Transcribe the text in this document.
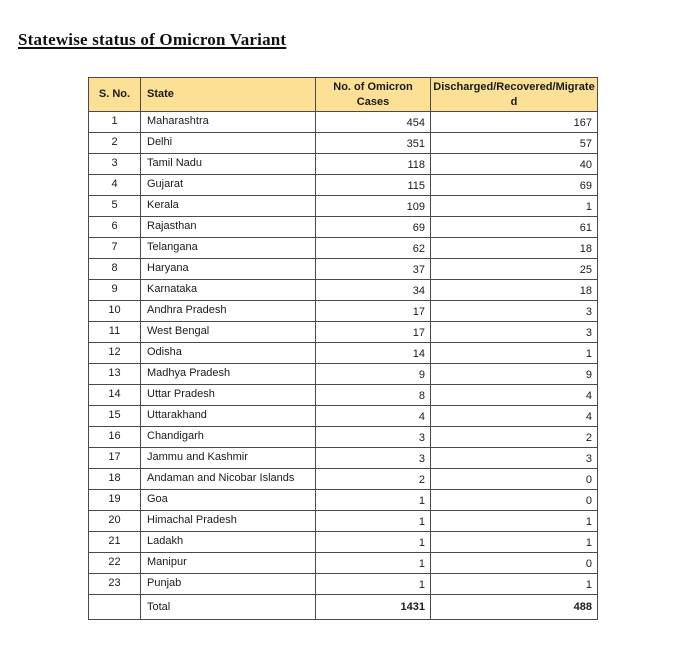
Statewise status of Omicron Variant
S. No.	State	No. of Omicron Cases	Discharged/Recovered/Migrated
1	Maharashtra	454	167
2	Delhi	351	57
3	Tamil Nadu	118	40
4	Gujarat	115	69
5	Kerala	109	1
6	Rajasthan	69	61
7	Telangana	62	18
8	Haryana	37	25
9	Karnataka	34	18
10	Andhra Pradesh	17	3
11	West Bengal	17	3
12	Odisha	14	1
13	Madhya Pradesh	9	9
14	Uttar Pradesh	8	4
15	Uttarakhand	4	4
16	Chandigarh	3	2
17	Jammu and Kashmir	3	3
18	Andaman and Nicobar Islands	2	0
19	Goa	1	0
20	Himachal Pradesh	1	1
21	Ladakh	1	1
22	Manipur	1	0
23	Punjab	1	1
	Total	1431	488
